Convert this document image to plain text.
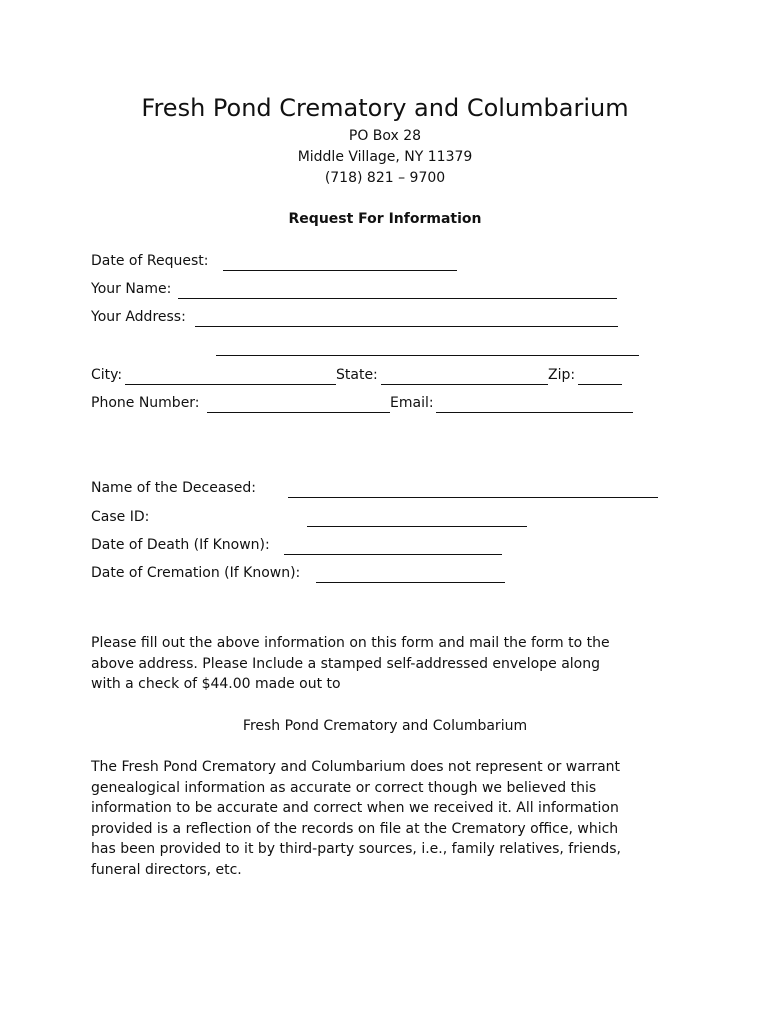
Fresh Pond Crematory and Columbarium
PO Box 28
Middle Village, NY 11379
(718) 821 – 9700
Request For Information
Date of Request:
Your Name:
Your Address:
City:	State:	Zip:
Phone Number:	Email:
Name of the Deceased:
Case ID:
Date of Death (If Known):
Date of Cremation (If Known):
Please fill out the above information on this form and mail the form to the
above address. Please Include a stamped self-addressed envelope along
with a check of $44.00 made out to
Fresh Pond Crematory and Columbarium
The Fresh Pond Crematory and Columbarium does not represent or warrant
genealogical information as accurate or correct though we believed this
information to be accurate and correct when we received it. All information
provided is a reflection of the records on file at the Crematory office, which
has been provided to it by third-party sources, i.e., family relatives, friends,
funeral directors, etc.
